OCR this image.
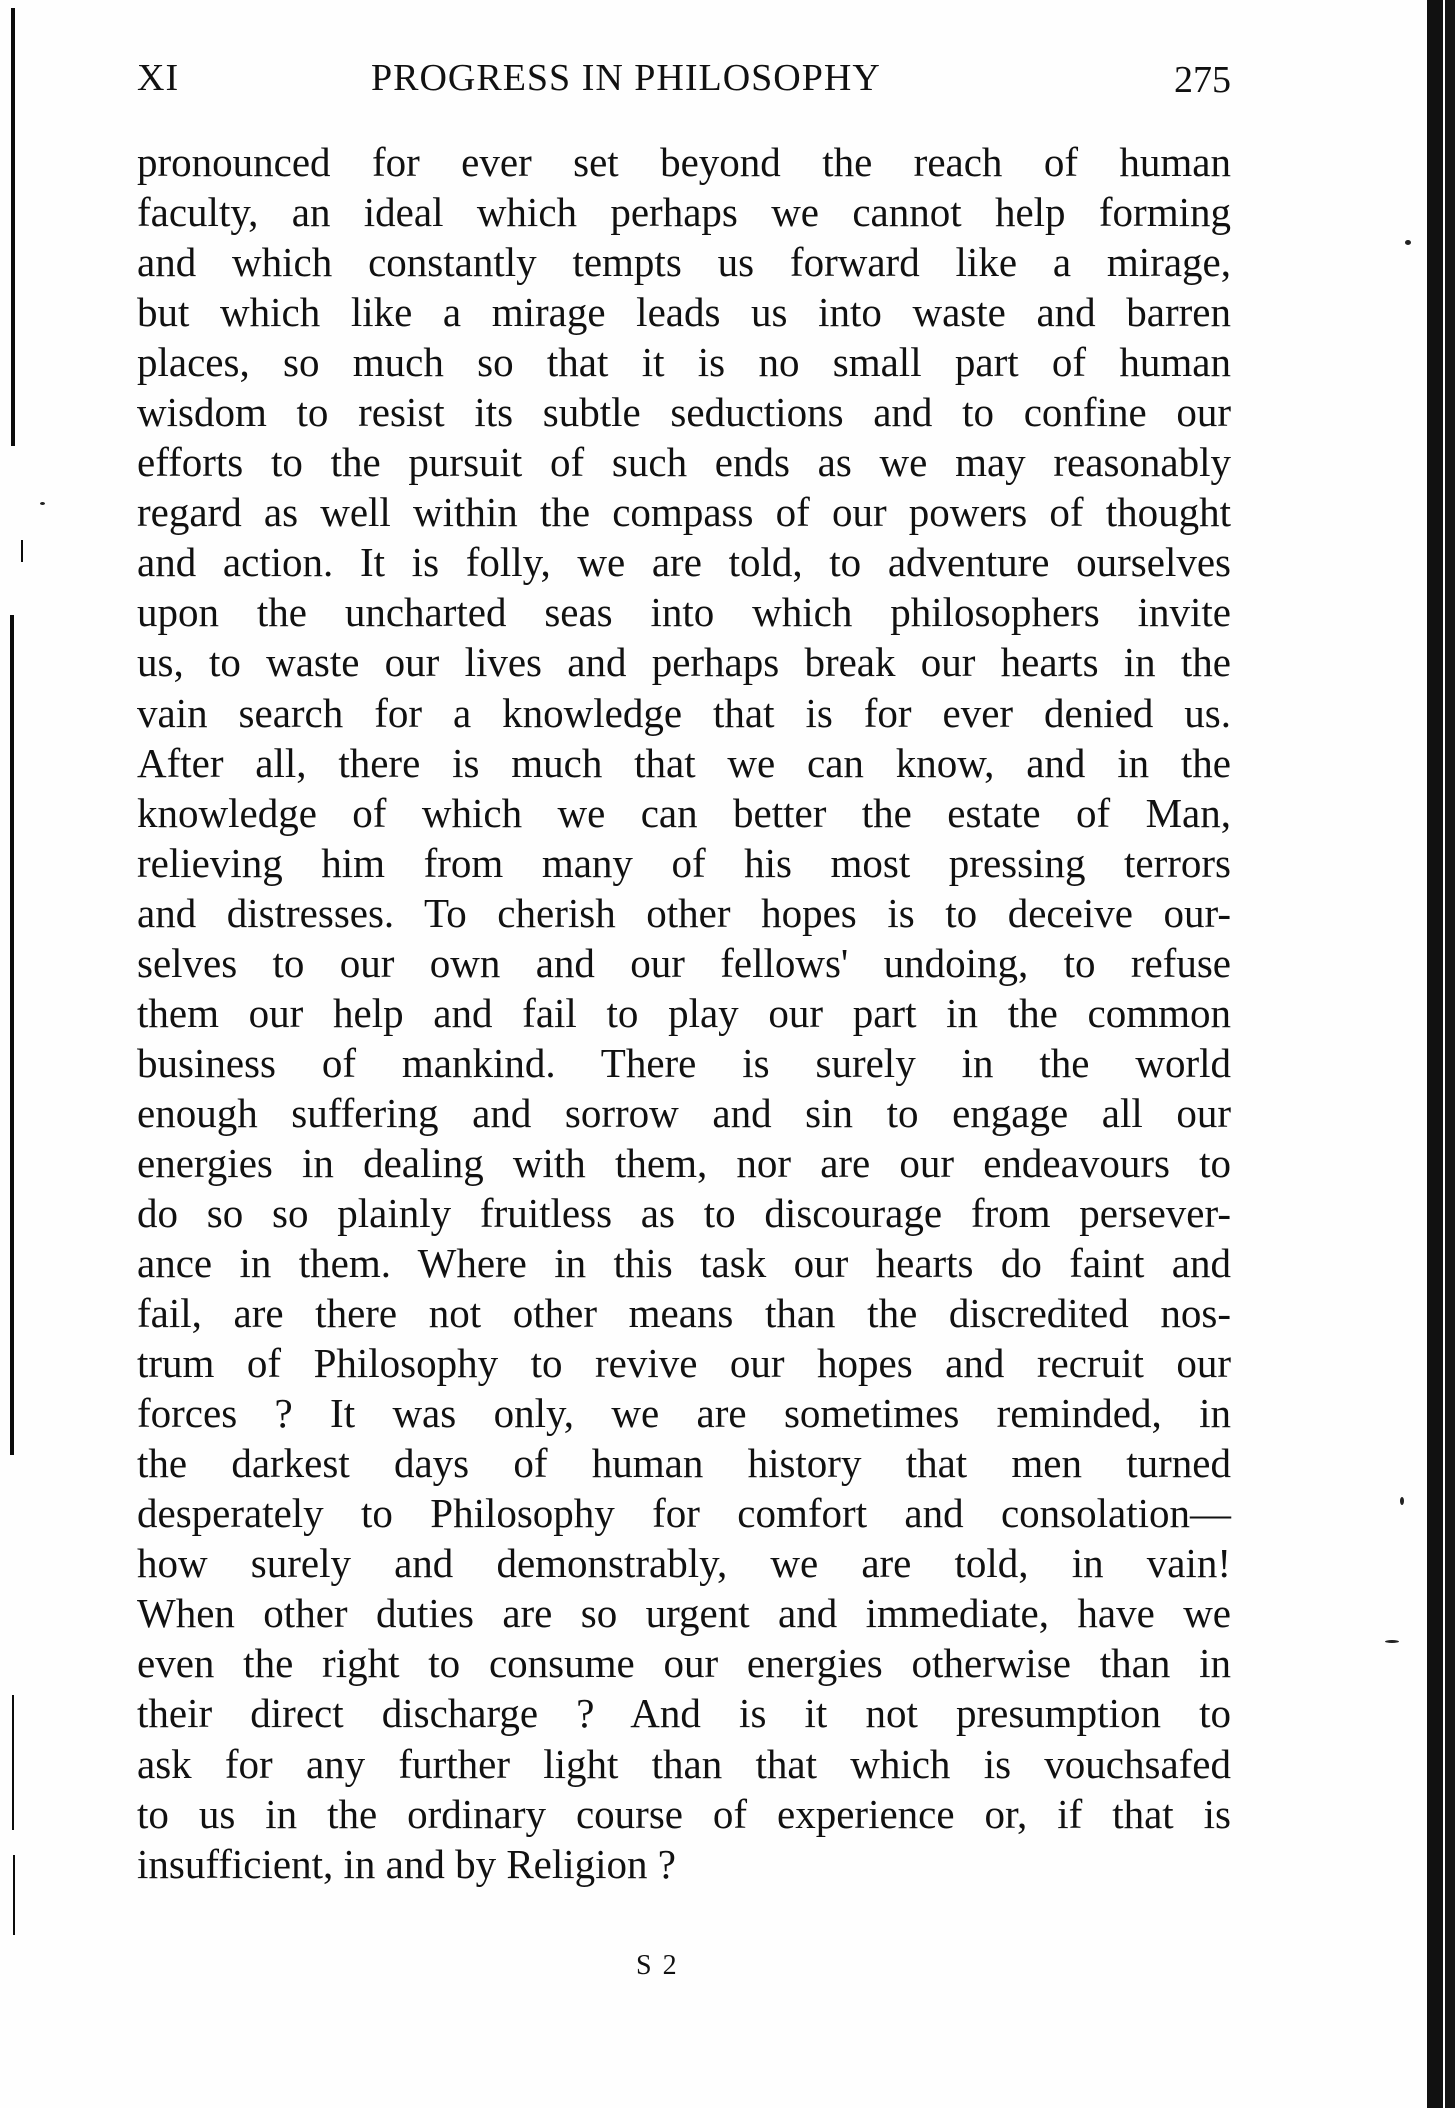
XI	PROGRESS IN PHILOSOPHY	275
pronounced for ever set beyond the reach of human
faculty, an ideal which perhaps we cannot help forming
and which constantly tempts us forward like a mirage,
but which like a mirage leads us into waste and barren
places, so much so that it is no small part of human
wisdom to resist its subtle seductions and to confine our
efforts to the pursuit of such ends as we may reasonably
regard as well within the compass of our powers of thought
and action. It is folly, we are told, to adventure ourselves
upon the uncharted seas into which philosophers invite
us, to waste our lives and perhaps break our hearts in the
vain search for a knowledge that is for ever denied us.
After all, there is much that we can know, and in the
knowledge of which we can better the estate of Man,
relieving him from many of his most pressing terrors
and distresses. To cherish other hopes is to deceive our-
selves to our own and our fellows' undoing, to refuse
them our help and fail to play our part in the common
business of mankind. There is surely in the world
enough suffering and sorrow and sin to engage all our
energies in dealing with them, nor are our endeavours to
do so so plainly fruitless as to discourage from persever-
ance in them. Where in this task our hearts do faint and
fail, are there not other means than the discredited nos-
trum of Philosophy to revive our hopes and recruit our
forces ? It was only, we are sometimes reminded, in
the darkest days of human history that men turned
desperately to Philosophy for comfort and consolation—
how surely and demonstrably, we are told, in vain!
When other duties are so urgent and immediate, have we
even the right to consume our energies otherwise than in
their direct discharge ? And is it not presumption to
ask for any further light than that which is vouchsafed
to us in the ordinary course of experience or, if that is
insufficient, in and by Religion ?
S 2
